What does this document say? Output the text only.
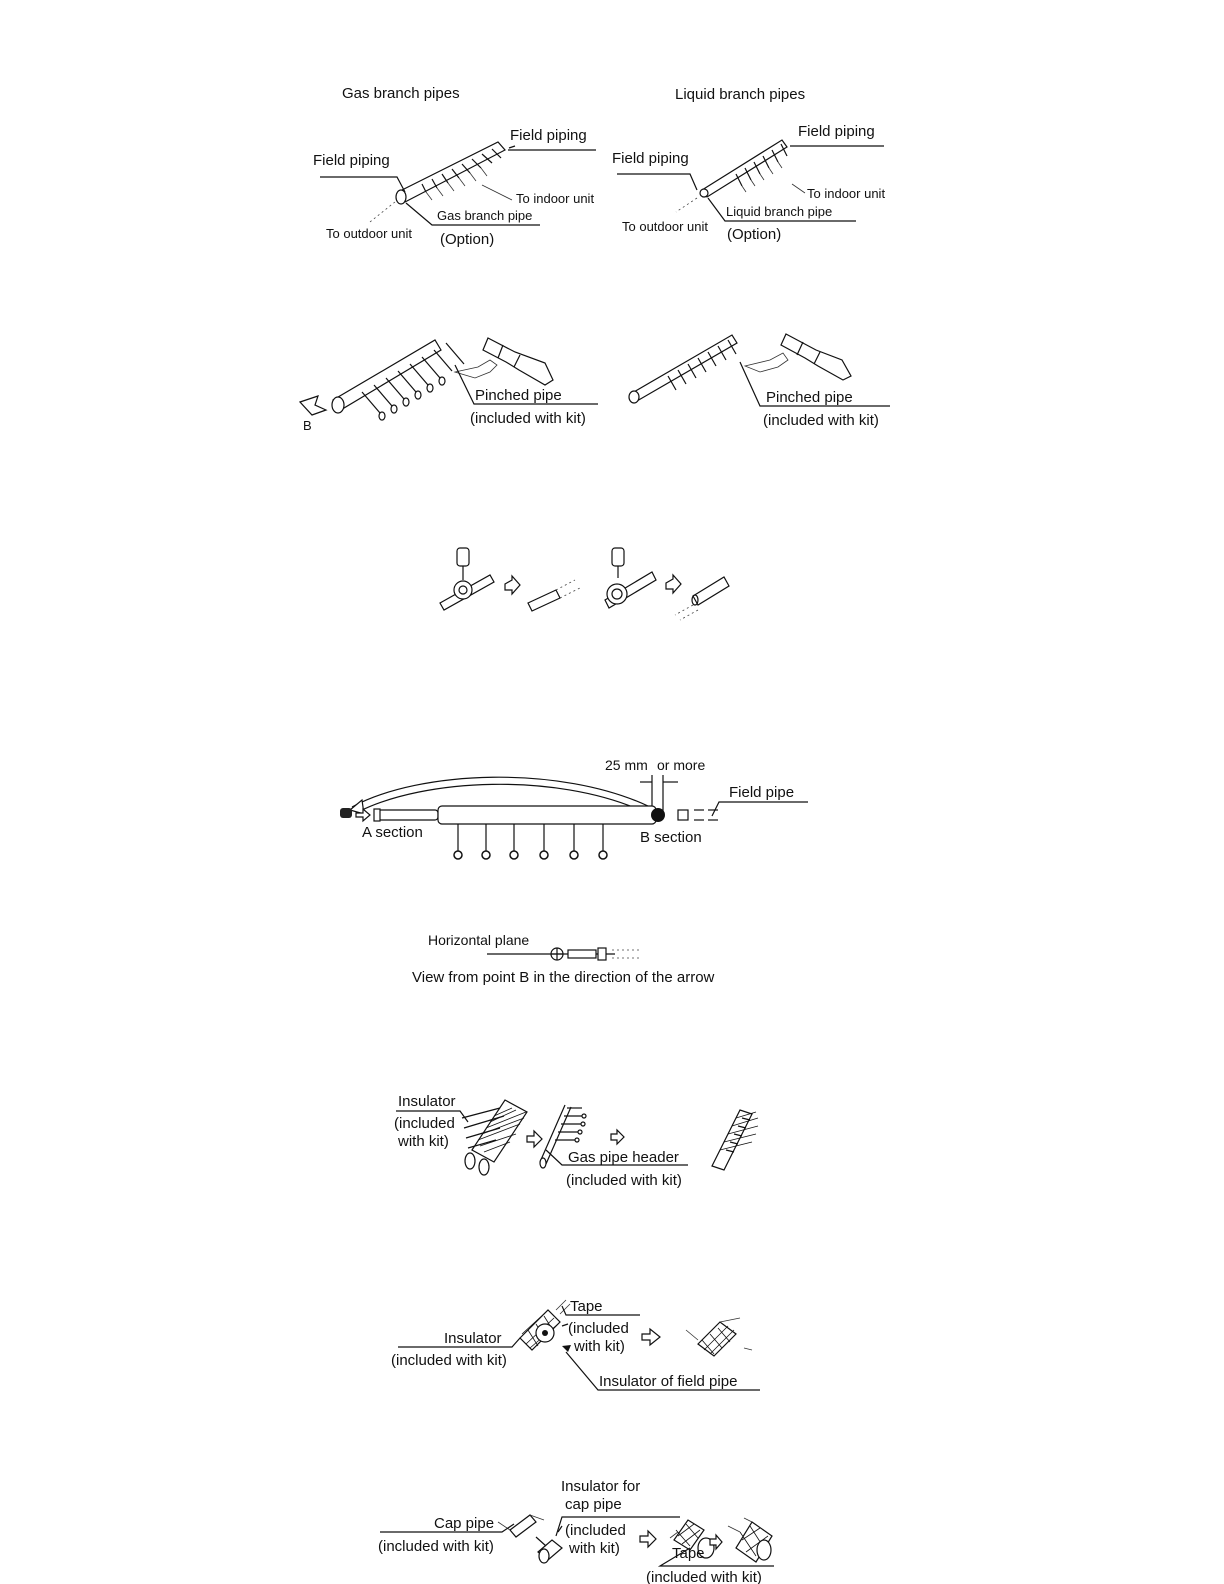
Gas branch pipes	Liquid branch pipes
Field piping
Field piping
To indoor unit
Gas branch pipe
To outdoor unit (Option)
Field piping
Field piping
To indoor unit
Liquid branch pipe
To outdoor unit (Option)
B
Pinched pipe
(included with kit)
Pinched pipe
(included with kit)
25 mm or more
Field pipe
A section	B section
Horizontal plane
View from point B in the direction of the arrow
Insulator
(included
with kit)
Gas pipe header
(included with kit)
Tape
(included
with kit)
Insulator
(included with kit)
Insulator of field pipe
Insulator for
cap pipe
(included
with kit)
Cap pipe
(included with kit)	Tape
(included with kit)
